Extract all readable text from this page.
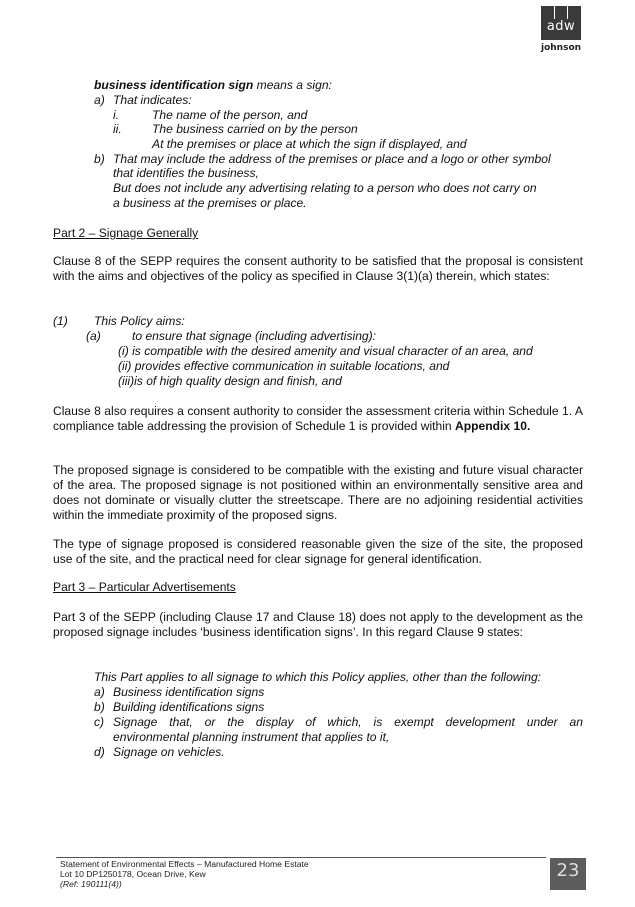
adw
johnson
business identification sign means a sign:
a) That indicates:
i.	The name of the person, and
ii.	The business carried on by the person
At the premises or place at which the sign if displayed, and
b) That may include the address of the premises or place and a logo or other symbol
that identifies the business,
But does not include any advertising relating to a person who does not carry on
a business at the premises or place.
Part 2 – Signage Generally
Clause 8 of the SEPP requires the consent authority to be satisfied that the proposal is consistent with the aims and objectives of the policy as specified in Clause 3(1)(a) therein, which states:
(1) This Policy aims:
(a)	to ensure that signage (including advertising):
(i) is compatible with the desired amenity and visual character of an area, and
(ii) provides effective communication in suitable locations, and
(iii)is of high quality design and finish, and
Clause 8 also requires a consent authority to consider the assessment criteria within Schedule 1. A compliance table addressing the provision of Schedule 1 is provided within Appendix 10.
The proposed signage is considered to be compatible with the existing and future visual character of the area. The proposed signage is not positioned within an environmentally sensitive area and does not dominate or visually clutter the streetscape. There are no adjoining residential activities within the immediate proximity of the proposed signs.
The type of signage proposed is considered reasonable given the size of the site, the proposed use of the site, and the practical need for clear signage for general identification.
Part 3 – Particular Advertisements
Part 3 of the SEPP (including Clause 17 and Clause 18) does not apply to the development as the proposed signage includes ‘business identification signs’. In this regard Clause 9 states:
This Part applies to all signage to which this Policy applies, other than the following:
a) Business identification signs
b) Building identifications signs
c) Signage that, or the display of which, is exempt development under an
environmental planning instrument that applies to it,
d) Signage on vehicles.
Statement of Environmental Effects – Manufactured Home Estate
Lot 10 DP1250178, Ocean Drive, Kew
(Ref: 190111(4))
23
